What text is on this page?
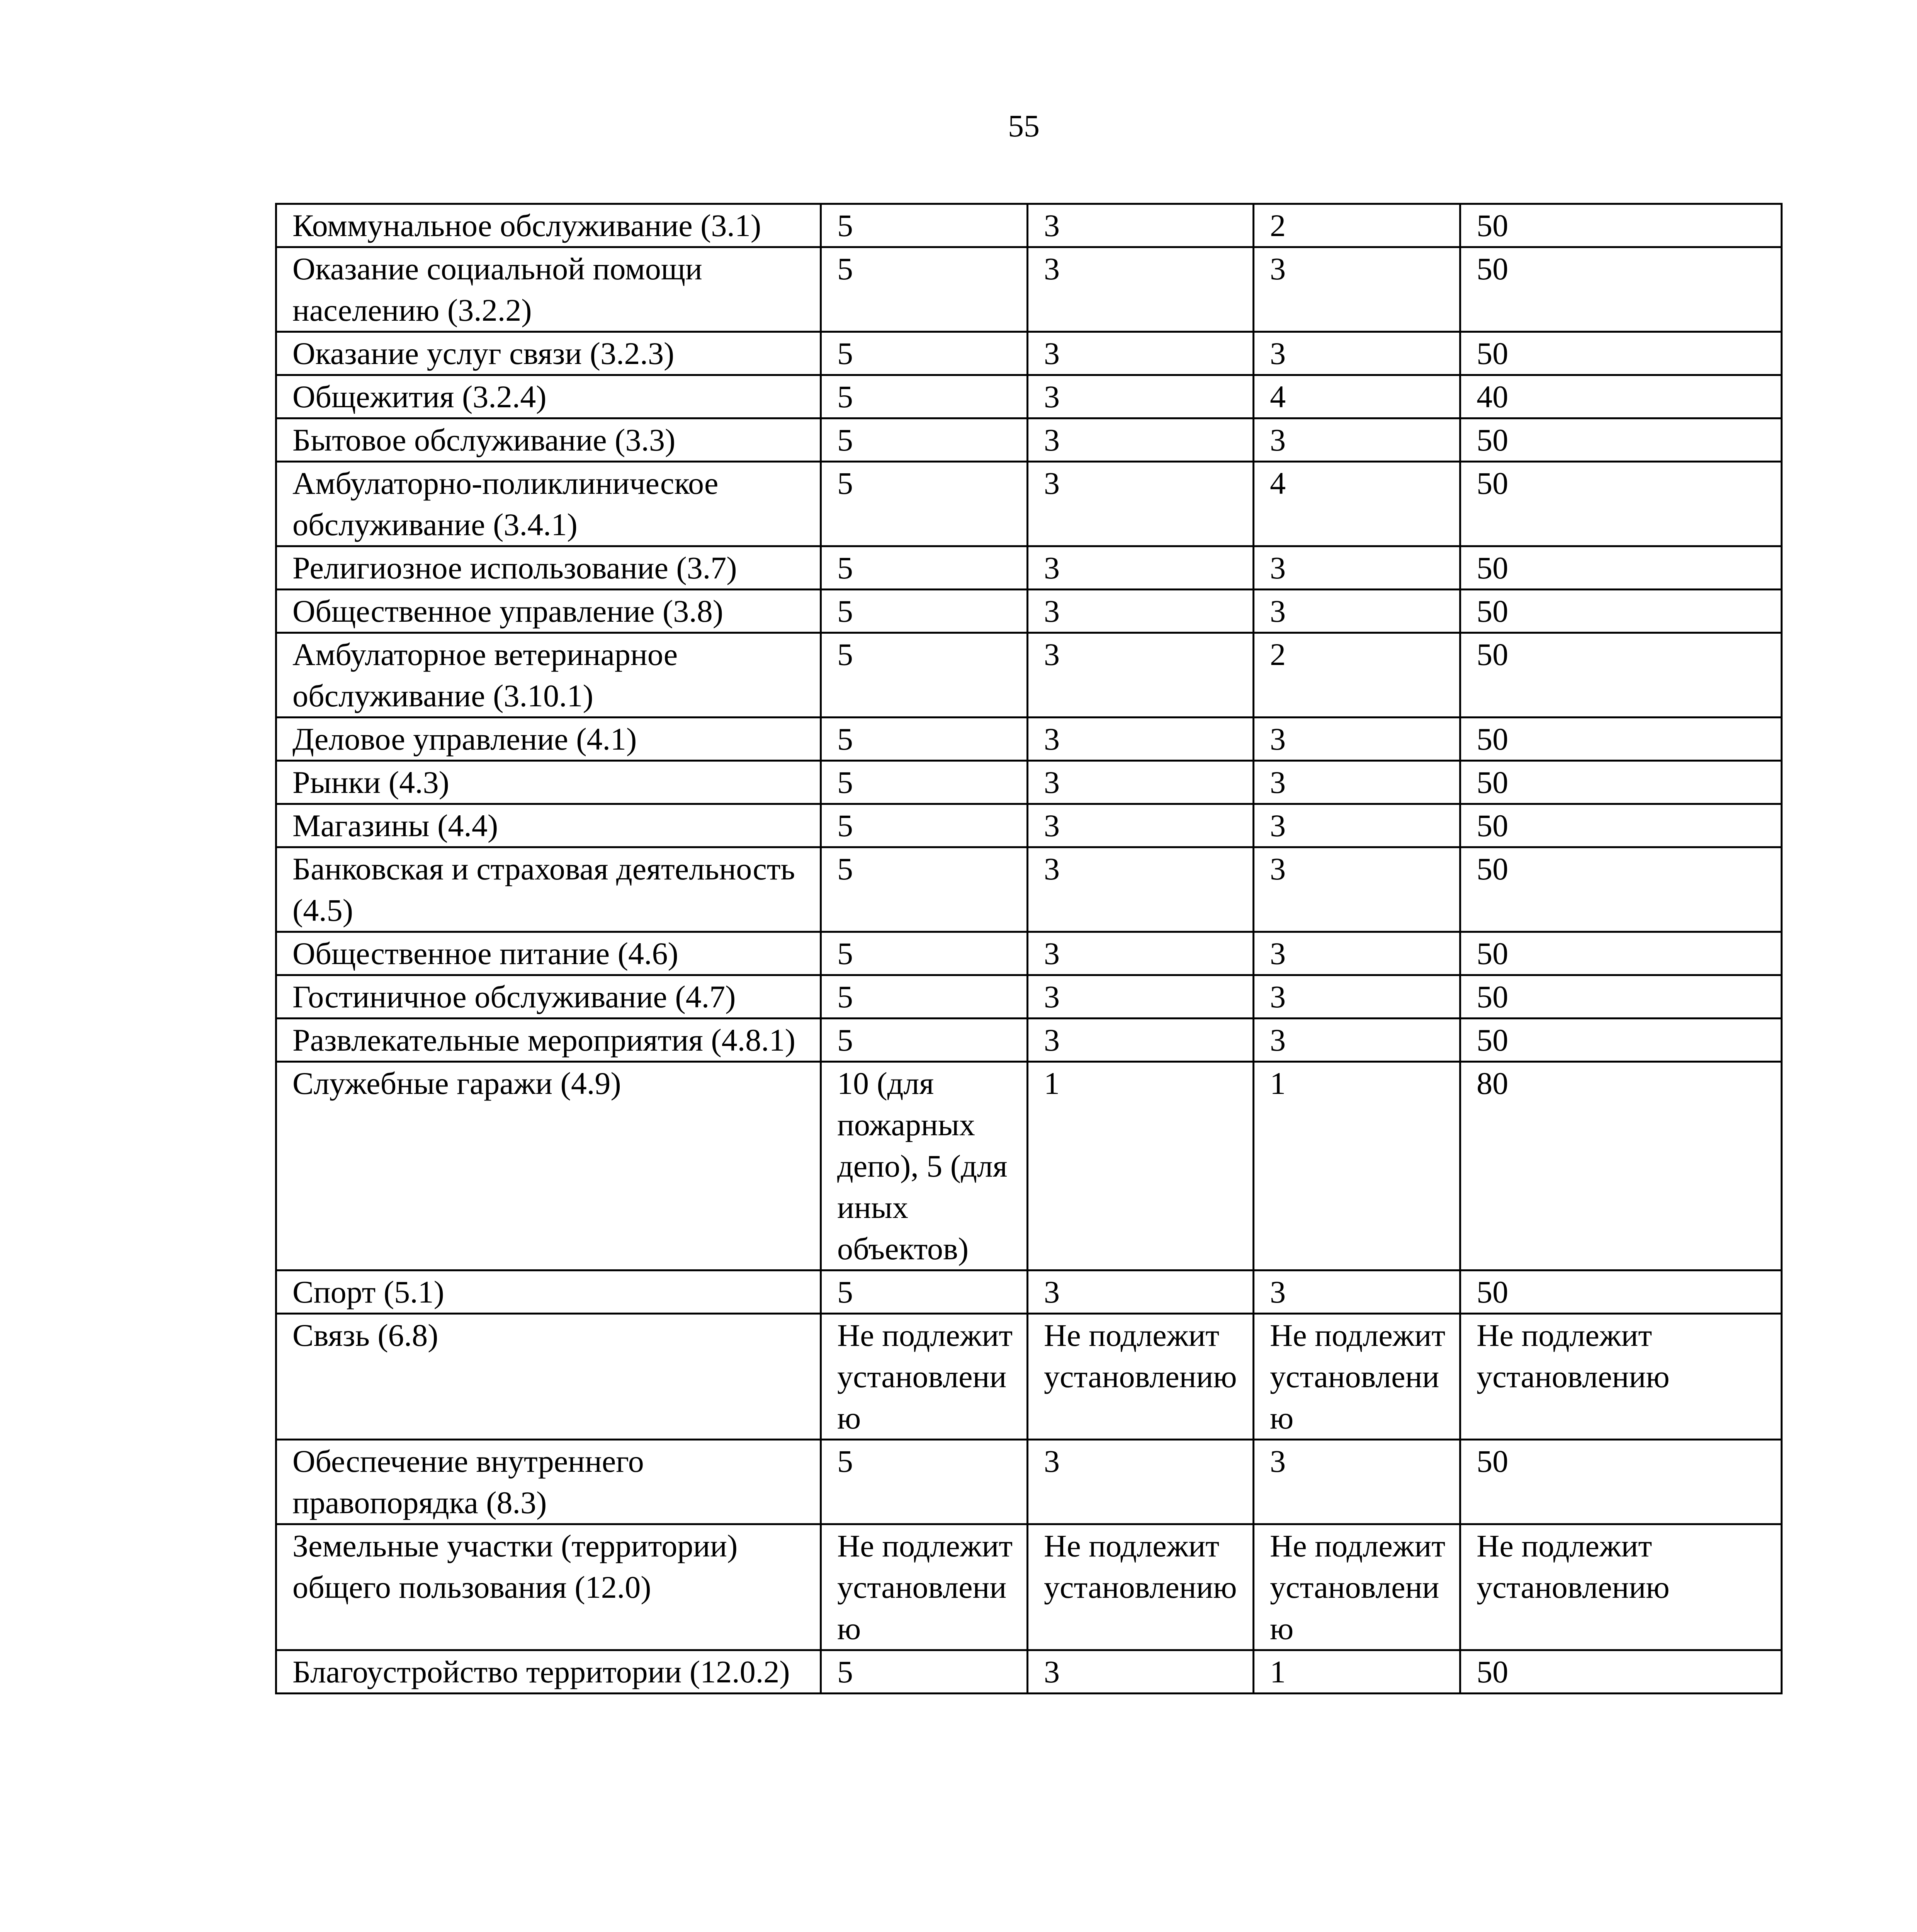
55
Коммунальное обслуживание (3.1)	5	3	2	50

Оказание социальной помощи населению (3.2.2)	5	3	3	50

Оказание услуг связи (3.2.3)	5	3	3	50

Общежития (3.2.4)	5	3	4	40

Бытовое обслуживание (3.3)	5	3	3	50

Амбулаторно-поликлиническое обслуживание (3.4.1)	5	3	4	50

Религиозное использование (3.7)	5	3	3	50

Общественное управление (3.8)	5	3	3	50

Амбулаторное ветеринарное обслуживание (3.10.1)	5	3	2	50

Деловое управление (4.1)	5	3	3	50

Рынки (4.3)	5	3	3	50

Магазины (4.4)	5	3	3	50

Банковская и страховая деятельность (4.5)	5	3	3	50

Общественное питание (4.6)	5	3	3	50

Гостиничное обслуживание (4.7)	5	3	3	50

Развлекательные мероприятия (4.8.1)	5	3	3	50

Служебные гаражи (4.9)	10 (для пожарных депо), 5 (для иных объектов)	1	1	80

Спорт (5.1)	5	3	3	50

Связь (6.8)	Не подлежит установлению	Не подлежит установлению	Не подлежит установлению	Не подлежит установлению

Обеспечение внутреннего правопорядка (8.3)	5	3	3	50

Земельные участки (территории) общего пользования (12.0)	Не подлежит установлению	Не подлежит установлению	Не подлежит установлению	Не подлежит установлению

Благоустройство территории (12.0.2)	5	3	1	50
